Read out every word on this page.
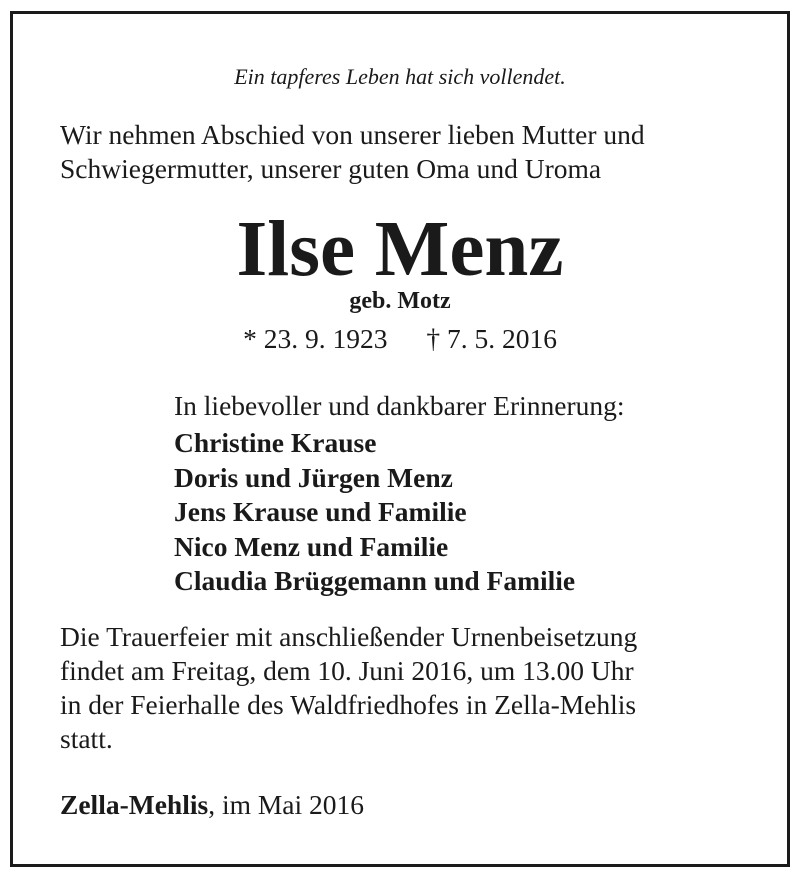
Ein tapferes Leben hat sich vollendet.
Wir nehmen Abschied von unserer lieben Mutter und
Schwiegermutter, unserer guten Oma und Uroma
Ilse Menz
geb. Motz
* 23. 9. 1923 † 7. 5. 2016
In liebevoller und dankbarer Erinnerung:
Christine Krause
Doris und Jürgen Menz
Jens Krause und Familie
Nico Menz und Familie
Claudia Brüggemann und Familie
Die Trauerfeier mit anschließender Urnenbeisetzung
findet am Freitag, dem 10. Juni 2016, um 13.00 Uhr
in der Feierhalle des Waldfriedhofes in Zella-Mehlis
statt.
Zella-Mehlis, im Mai 2016
